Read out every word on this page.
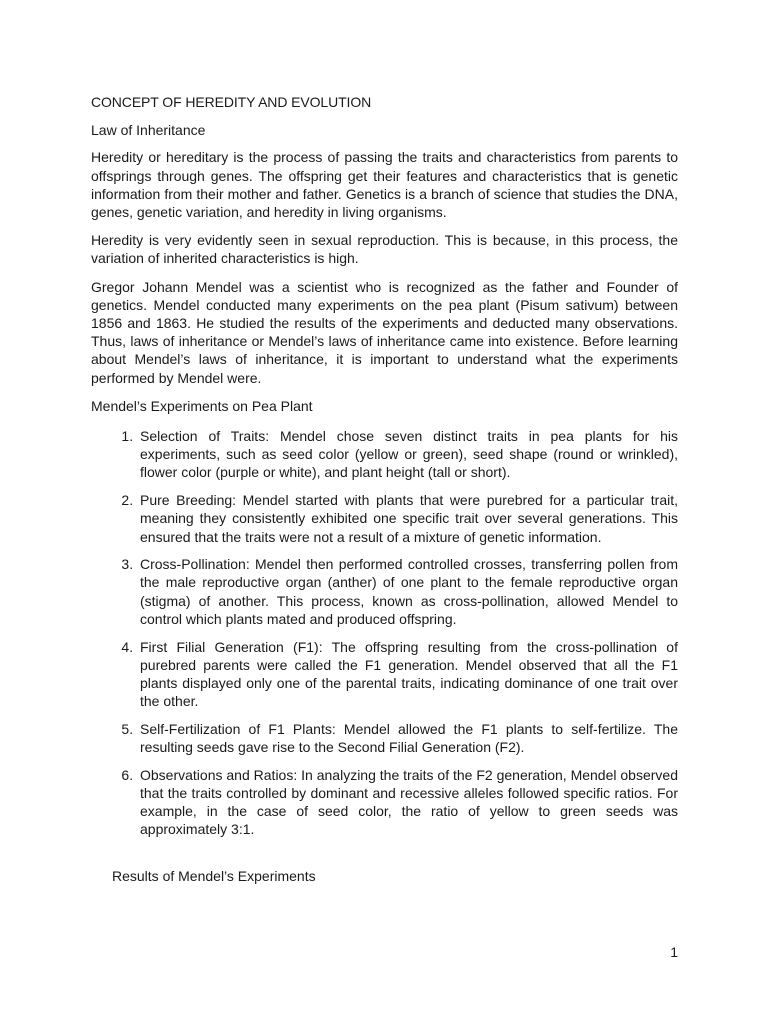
CONCEPT OF HEREDITY AND EVOLUTION
Law of Inheritance

Heredity or hereditary is the process of passing the traits and characteristics from parents to offsprings through genes. The offspring get their features and characteristics that is genetic information from their mother and father. Genetics is a branch of science that studies the DNA, genes, genetic variation, and heredity in living organisms.

Heredity is very evidently seen in sexual reproduction. This is because, in this process, the variation of inherited characteristics is high.

Gregor Johann Mendel was a scientist who is recognized as the father and Founder of genetics. Mendel conducted many experiments on the pea plant (Pisum sativum) between 1856 and 1863. He studied the results of the experiments and deducted many observations. Thus, laws of inheritance or Mendel’s laws of inheritance came into existence. Before learning about Mendel’s laws of inheritance, it is important to understand what the experiments performed by Mendel were.

Mendel’s Experiments on Pea Plant
1. Selection of Traits: Mendel chose seven distinct traits in pea plants for his experiments, such as seed color (yellow or green), seed shape (round or wrinkled), flower color (purple or white), and plant height (tall or short).
2. Pure Breeding: Mendel started with plants that were purebred for a particular trait, meaning they consistently exhibited one specific trait over several generations. This ensured that the traits were not a result of a mixture of genetic information.
3. Cross-Pollination: Mendel then performed controlled crosses, transferring pollen from the male reproductive organ (anther) of one plant to the female reproductive organ (stigma) of another. This process, known as cross-pollination, allowed Mendel to control which plants mated and produced offspring.
4. First Filial Generation (F1): The offspring resulting from the cross-pollination of purebred parents were called the F1 generation. Mendel observed that all the F1 plants displayed only one of the parental traits, indicating dominance of one trait over the other.
5. Self-Fertilization of F1 Plants: Mendel allowed the F1 plants to self-fertilize. The resulting seeds gave rise to the Second Filial Generation (F2).
6. Observations and Ratios: In analyzing the traits of the F2 generation, Mendel observed that the traits controlled by dominant and recessive alleles followed specific ratios. For example, in the case of seed color, the ratio of yellow to green seeds was approximately 3:1.
Results of Mendel’s Experiments
1
